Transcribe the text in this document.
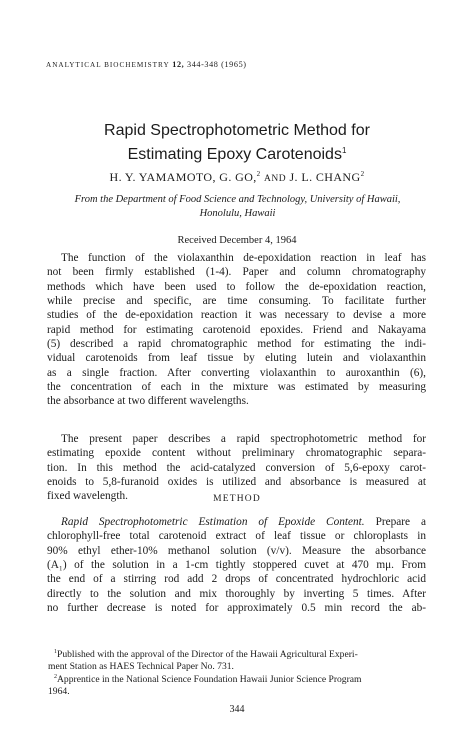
ANALYTICAL BIOCHEMISTRY 12, 344-348 (1965)
Rapid Spectrophotometric Method for
Estimating Epoxy Carotenoids$^1$
H. Y. YAMAMOTO, G. GO,$^2$ AND J. L. CHANG$^2$
From the Department of Food Science and Technology, University of Hawaii,
Honolulu, Hawaii
Received December 4, 1964
The function of the violaxanthin de-epoxidation reaction in leaf has
not been firmly established (1-4). Paper and column chromatography
methods which have been used to follow the de-epoxidation reaction,
while precise and specific, are time consuming. To facilitate further
studies of the de-epoxidation reaction it was necessary to devise a more
rapid method for estimating carotenoid epoxides. Friend and Nakayama
(5) described a rapid chromatographic method for estimating the indi-
vidual carotenoids from leaf tissue by eluting lutein and violaxanthin
as a single fraction. After converting violaxanthin to auroxanthin (6),
the concentration of each in the mixture was estimated by measuring
the absorbance at two different wavelengths.
The present paper describes a rapid spectrophotometric method for
estimating epoxide content without preliminary chromatographic separa-
tion. In this method the acid-catalyzed conversion of 5,6-epoxy carot-
enoids to 5,8-furanoid oxides is utilized and absorbance is measured at
fixed wavelength.	METHOD
Rapid Spectrophotometric Estimation of Epoxide Content. Prepare a
chlorophyll-free total carotenoid extract of leaf tissue or chloroplasts in
90% ethyl ether-10% methanol solution (v/v). Measure the absorbance
(A₁) of the solution in a 1-cm tightly stoppered cuvet at 470 mμ. From
the end of a stirring rod add 2 drops of concentrated hydrochloric acid
directly to the solution and mix thoroughly by inverting 5 times. After
no further decrease is noted for approximately 0.5 min record the ab-
$^1$Published with the approval of the Director of the Hawaii Agricultural Experi-
ment Station as HAES Technical Paper No. 731.
$^2$Apprentice in the National Science Foundation Hawaii Junior Science Program
1964.
344
